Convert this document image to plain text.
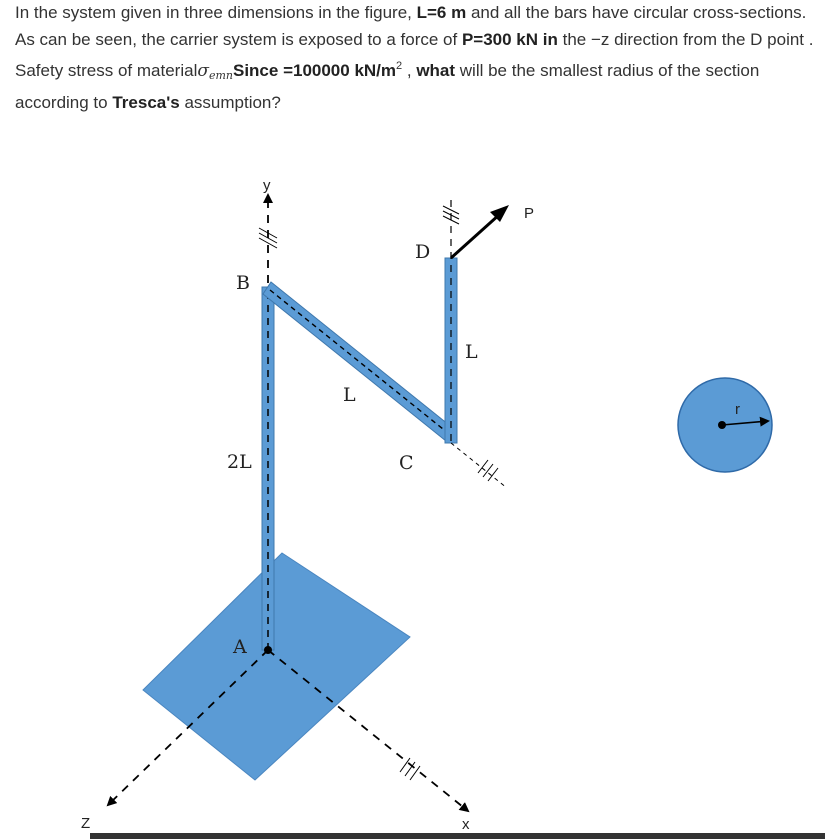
In the system given in three dimensions in the figure, L=6 m and all the bars have circular cross-sections. As can be seen, the carrier system is exposed to a force of P=300 kN in the −z direction from the D point . Safety stress of materialσ$_{emn}$Since =100000 $kN/m^2$ , what will be the smallest radius of the section according to Tresca's assumption?
y
Z	x
B
D
C
A
L
L
2L
P
r
